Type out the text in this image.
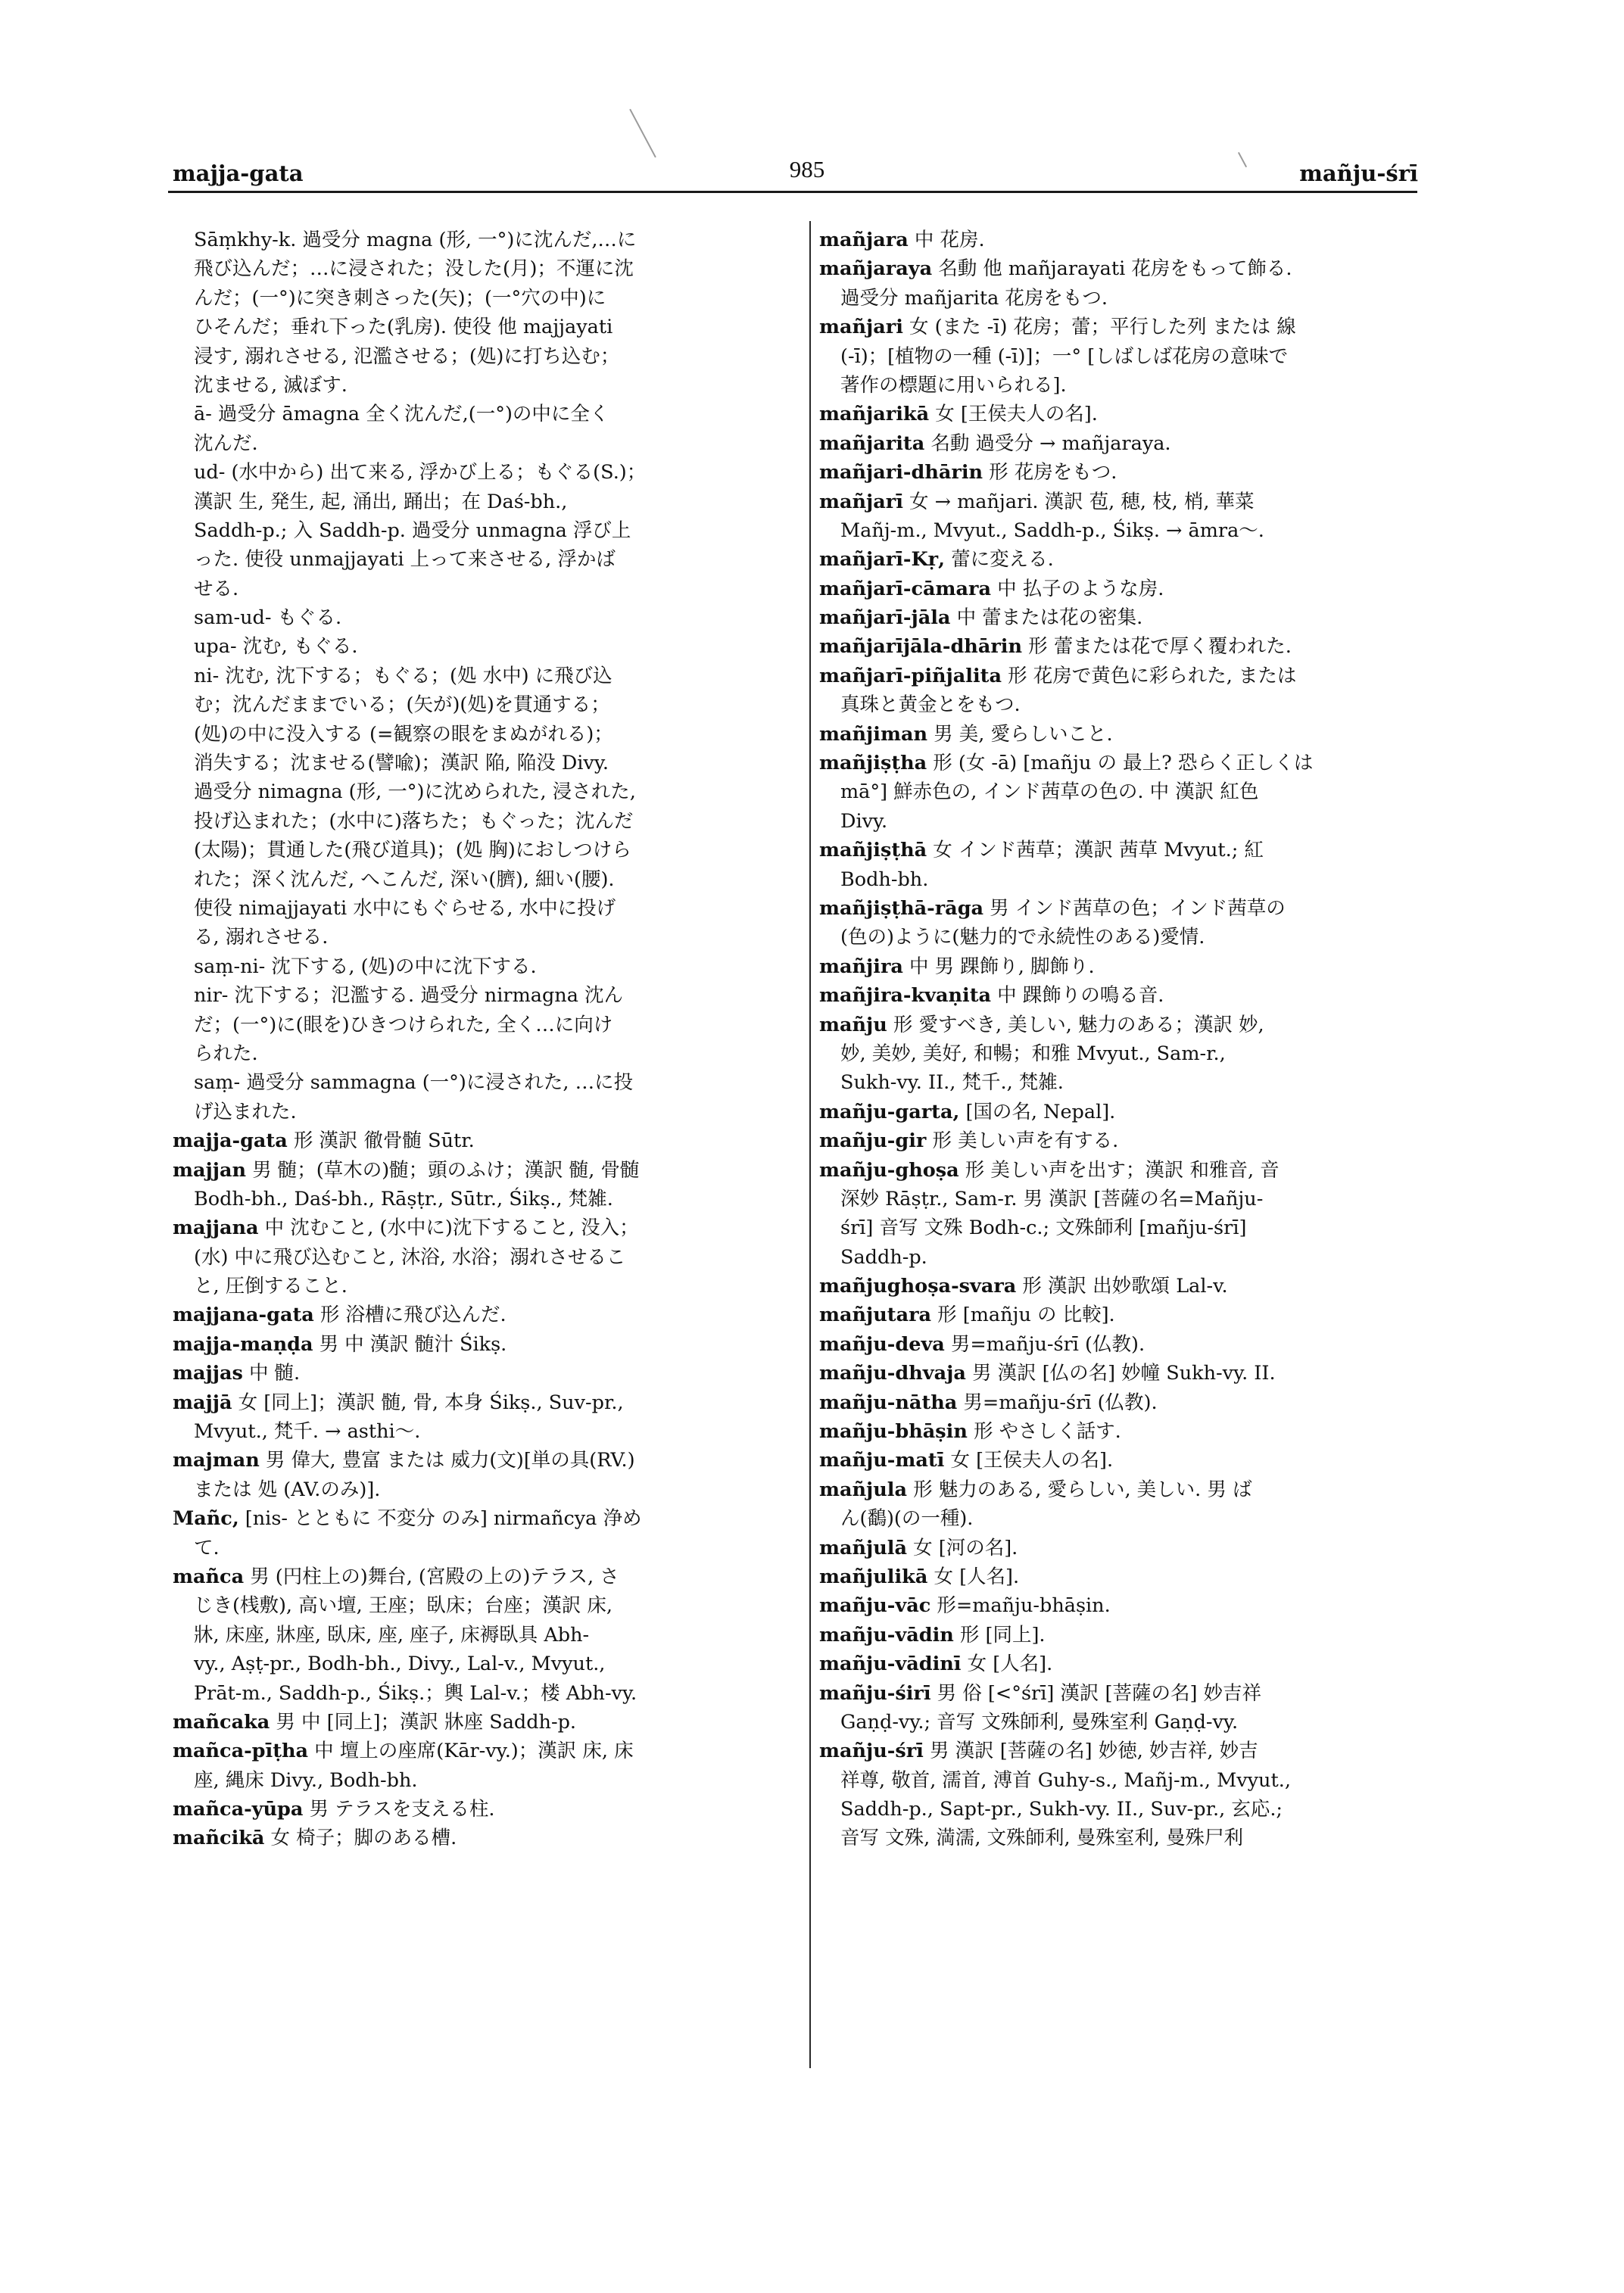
majja-gata	985	mañju-śrī
Sāṃkhy-k. 過受分 magna (形, 一°)に沈んだ,…に
飛び込んだ；…に浸された；没した(月)；不運に沈
んだ；(一°)に突き刺さった(矢)；(一°穴の中)に
ひそんだ；垂れ下った(乳房). 使役 他 majjayati
浸す, 溺れさせる, 氾濫させる；(処)に打ち込む；
沈ませる, 滅ぼす.
ā- 過受分 āmagna 全く沈んだ,(一°)の中に全く
沈んだ.
ud- (水中から) 出て来る, 浮かび上る；もぐる(S.)；
漢訳 生, 発生, 起, 涌出, 踊出；在 Daś-bh.,
Saddh-p.; 入 Saddh-p. 過受分 unmagna 浮び上
った. 使役 unmajjayati 上って来させる, 浮かば
せる.
sam-ud- もぐる.
upa- 沈む, もぐる.
ni- 沈む, 沈下する；もぐる；(処 水中) に飛び込
む；沈んだままでいる；(矢が)(処)を貫通する；
(処)の中に没入する (=観察の眼をまぬがれる)；
消失する；沈ませる(譬喩)；漢訳 陥, 陥没 Divy.
過受分 nimagna (形, 一°)に沈められた, 浸された,
投げ込まれた；(水中に)落ちた；もぐった；沈んだ
(太陽)；貫通した(飛び道具)；(処 胸)におしつけら
れた；深く沈んだ, へこんだ, 深い(臍), 細い(腰).
使役 nimajjayati 水中にもぐらせる, 水中に投げ
る, 溺れさせる.
saṃ-ni- 沈下する, (処)の中に沈下する.
nir- 沈下する；氾濫する. 過受分 nirmagna 沈ん
だ；(一°)に(眼を)ひきつけられた, 全く…に向け
られた.
saṃ- 過受分 sammagna (一°)に浸された, …に投
げ込まれた.
majja-gata 形 漢訳 徹骨髄 Sūtr.
majjan 男 髄；(草木の)髄；頭のふけ；漢訳 髄, 骨髄
Bodh-bh., Daś-bh., Rāṣṭr., Sūtr., Śikṣ., 梵雑.
majjana 中 沈むこと, (水中に)沈下すること, 没入；
(水) 中に飛び込むこと, 沐浴, 水浴；溺れさせるこ
と, 圧倒すること.
majjana-gata 形 浴槽に飛び込んだ.
majja-maṇḍa 男 中 漢訳 髄汁 Śikṣ.
majjas 中 髄.
majjā 女 [同上]；漢訳 髄, 骨, 本身 Śikṣ., Suv-pr.,
Mvyut., 梵千. → asthi～.
majman 男 偉大, 豊富 または 威力(文)[単の具(RV.)
または 処 (AV.のみ)].
Mañc, [nis- とともに 不変分 のみ] nirmañcya 浄め
て.
mañca 男 (円柱上の)舞台, (宮殿の上の)テラス, さ
じき(桟敷), 高い壇, 王座；臥床；台座；漢訳 床,
牀, 床座, 牀座, 臥床, 座, 座子, 床褥臥具 Abh-
vy., Aṣṭ-pr., Bodh-bh., Divy., Lal-v., Mvyut.,
Prāt-m., Saddh-p., Śikṣ.；輿 Lal-v.；楼 Abh-vy.
mañcaka 男 中 [同上]；漢訳 牀座 Saddh-p.
mañca-pīṭha 中 壇上の座席(Kār-vy.)；漢訳 床, 床
座, 縄床 Divy., Bodh-bh.
mañca-yūpa 男 テラスを支える柱.
mañcikā 女 椅子；脚のある槽.
mañjara 中 花房.
mañjaraya 名動 他 mañjarayati 花房をもって飾る.
過受分 mañjarita 花房をもつ.
mañjari 女 (また -ī) 花房；蕾；平行した列 または 線
(-ī)；[植物の一種 (-ī)]；一° [しばしば花房の意味で
著作の標題に用いられる].
mañjarikā 女 [王侯夫人の名].
mañjarita 名動 過受分 → mañjaraya.
mañjari-dhārin 形 花房をもつ.
mañjarī 女 → mañjari. 漢訳 苞, 穂, 枝, 梢, 華菜
Mañj-m., Mvyut., Saddh-p., Śikṣ. → āmra～.
mañjarī-Kṛ, 蕾に変える.
mañjarī-cāmara 中 払子のような房.
mañjarī-jāla 中 蕾または花の密集.
mañjarījāla-dhārin 形 蕾または花で厚く覆われた.
mañjarī-piñjalita 形 花房で黄色に彩られた, または
真珠と黄金とをもつ.
mañjiman 男 美, 愛らしいこと.
mañjiṣṭha 形 (女 -ā) [mañju の 最上? 恐らく正しくは
mā°] 鮮赤色の, インド茜草の色の. 中 漢訳 紅色
Divy.
mañjiṣṭhā 女 インド茜草；漢訳 茜草 Mvyut.; 紅
Bodh-bh.
mañjiṣṭhā-rāga 男 インド茜草の色；インド茜草の
(色の)ように(魅力的で永続性のある)愛情.
mañjira 中 男 踝飾り, 脚飾り.
mañjira-kvaṇita 中 踝飾りの鳴る音.
mañju 形 愛すべき, 美しい, 魅力のある；漢訳 妙,
妙, 美妙, 美好, 和暢；和雅 Mvyut., Sam-r.,
Sukh-vy. II., 梵千., 梵雑.
mañju-garta, [国の名, Nepal].
mañju-gir 形 美しい声を有する.
mañju-ghoṣa 形 美しい声を出す；漢訳 和雅音, 音
深妙 Rāṣṭr., Sam-r. 男 漢訳 [菩薩の名=Mañju-
śrī] 音写 文殊 Bodh-c.; 文殊師利 [mañju-śrī]
Saddh-p.
mañjughoṣa-svara 形 漢訳 出妙歌頌 Lal-v.
mañjutara 形 [mañju の 比較].
mañju-deva 男=mañju-śrī (仏教).
mañju-dhvaja 男 漢訳 [仏の名] 妙幢 Sukh-vy. II.
mañju-nātha 男=mañju-śrī (仏教).
mañju-bhāṣin 形 やさしく話す.
mañju-matī 女 [王侯夫人の名].
mañjula 形 魅力のある, 愛らしい, 美しい. 男 ば
ん(鷭)(の一種).
mañjulā 女 [河の名].
mañjulikā 女 [人名].
mañju-vāc 形=mañju-bhāṣin.
mañju-vādin 形 [同上].
mañju-vādinī 女 [人名].
mañju-śirī 男 俗 [<°śrī] 漢訳 [菩薩の名] 妙吉祥
Gaṇḍ-vy.; 音写 文殊師利, 曼殊室利 Gaṇḍ-vy.
mañju-śrī 男 漢訳 [菩薩の名] 妙徳, 妙吉祥, 妙吉
祥尊, 敬首, 濡首, 溥首 Guhy-s., Mañj-m., Mvyut.,
Saddh-p., Sapt-pr., Sukh-vy. II., Suv-pr., 玄応.;
音写 文殊, 満濡, 文殊師利, 曼殊室利, 曼殊尸利
